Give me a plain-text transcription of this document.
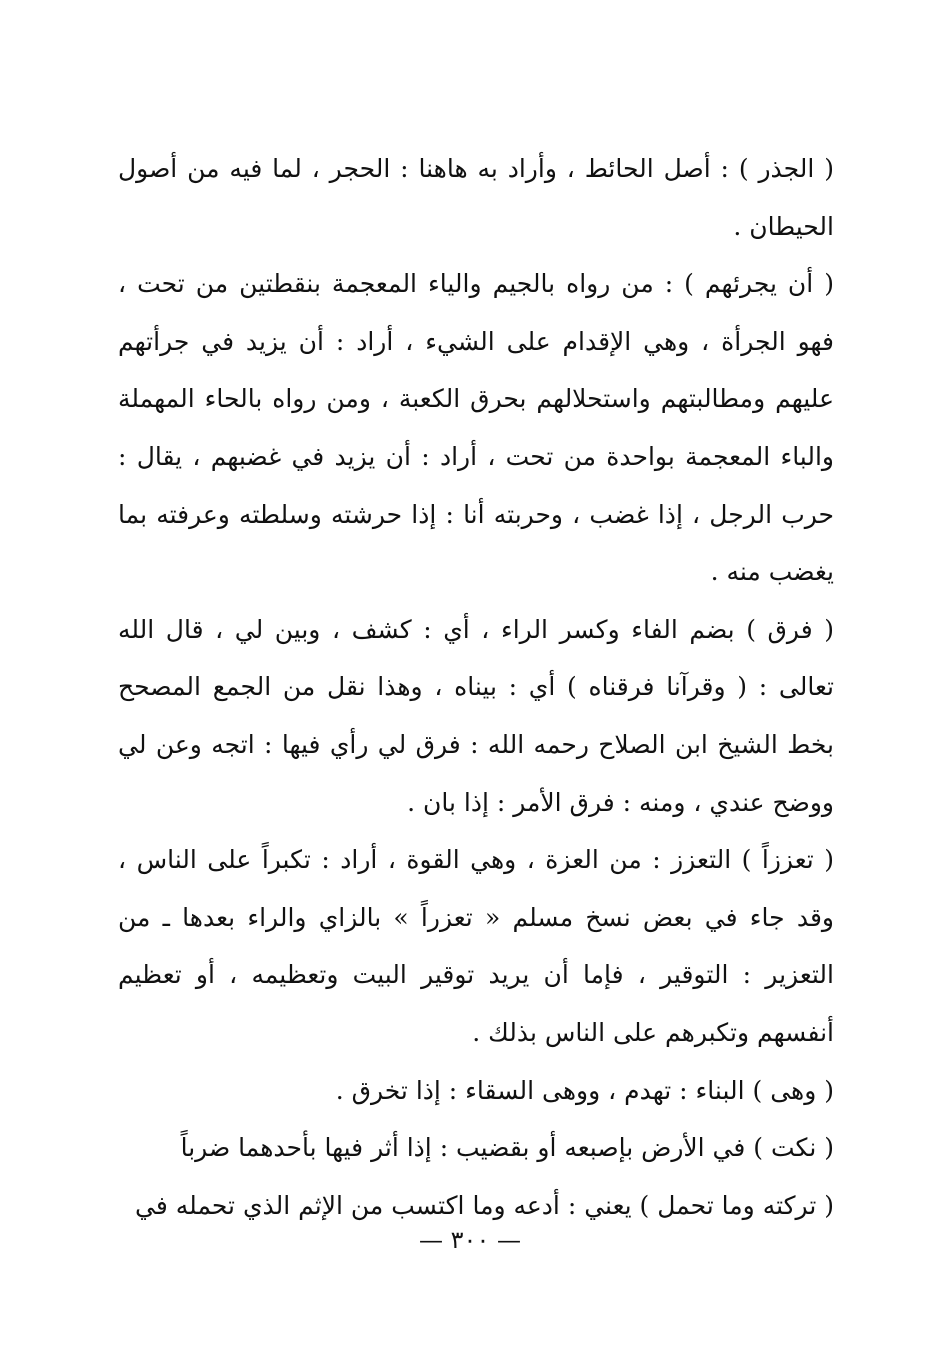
( الجذر ) : أصل الحائط ، وأراد به هاهنا : الحجر ، لما فيه من أصول الحيطان .

( أن يجرئهم ) : من رواه بالجيم والياء المعجمة بنقطتين من تحت ، فهو الجرأة ، وهي الإقدام على الشيء ، أراد : أن يزيد في جرأتهم عليهم ومطالبتهم واستحلالهم بحرق الكعبة ، ومن رواه بالحاء المهملة والباء المعجمة بواحدة من تحت ، أراد : أن يزيد في غضبهم ، يقال : حرب الرجل ، إذا غضب ، وحربته أنا : إذا حرشته وسلطته وعرفته بما يغضب منه .

( فرق ) بضم الفاء وكسر الراء ، أي : كشف ، وبين لي ، قال الله تعالى : ( وقرآنا فرقناه ) أي : بيناه ، وهذا نقل من الجمع المصحح بخط الشيخ ابن الصلاح رحمه الله : فرق لي رأي فيها : اتجه وعن لي ووضح عندي ، ومنه : فرق الأمر : إذا بان .

( تعززاً ) التعزز : من العزة ، وهي القوة ، أراد : تكبراً على الناس ، وقد جاء في بعض نسخ مسلم « تعزراً » بالزاي والراء بعدها ـ من التعزير : التوقير ، فإما أن يريد توقير البيت وتعظيمه ، أو تعظيم أنفسهم وتكبرهم على الناس بذلك .

( وهى ) البناء : تهدم ، ووهى السقاء : إذا تخرق .

( نكت ) في الأرض بإصبعه أو بقضيب : إذا أثر فيها بأحدهما ضرباً

( تركته وما تحمل ) يعني : أدعه وما اكتسب من الإثم الذي تحمله في

— ٣٠٠ —
